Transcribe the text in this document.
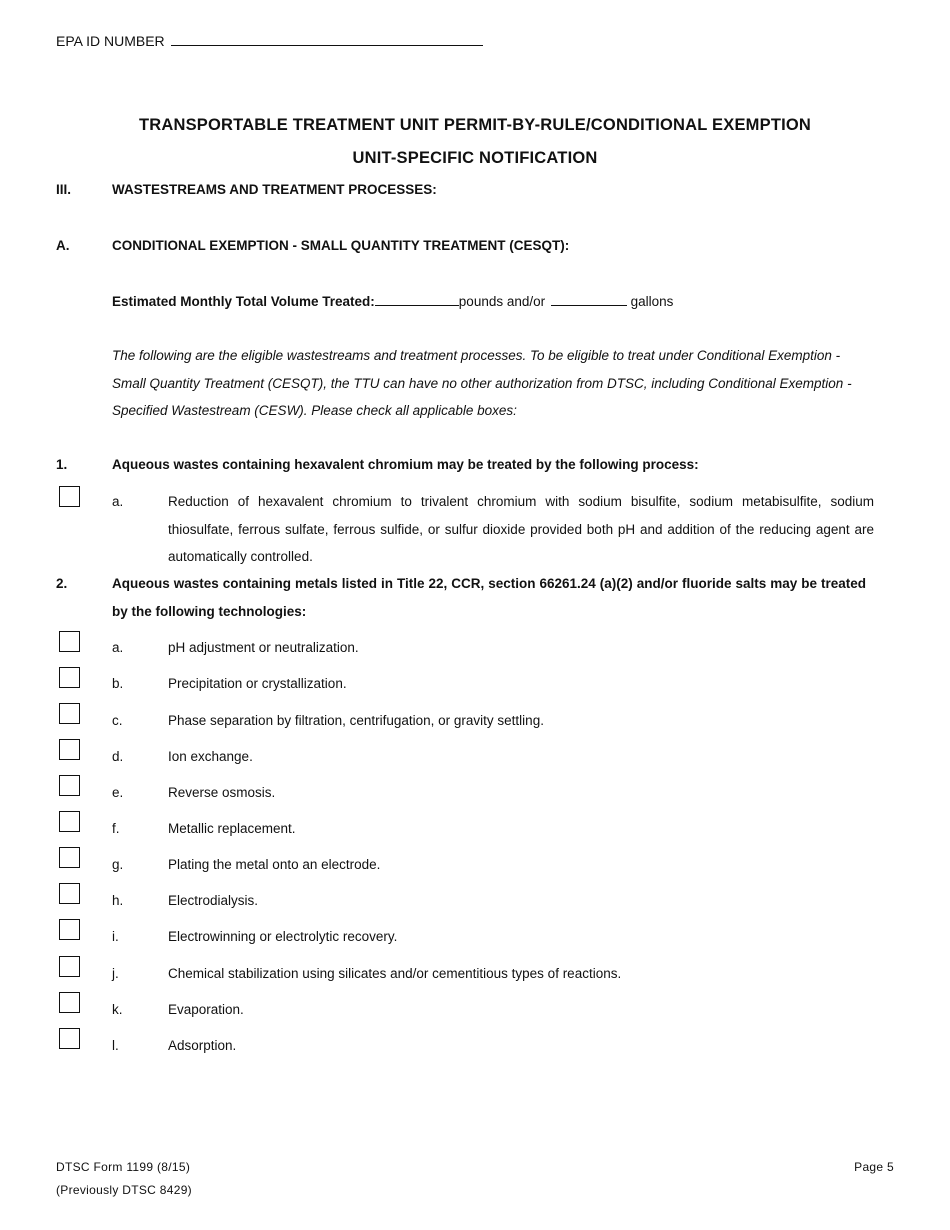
EPA ID NUMBER
TRANSPORTABLE TREATMENT UNIT PERMIT-BY-RULE/CONDITIONAL EXEMPTION
UNIT-SPECIFIC NOTIFICATION
III.	WASTESTREAMS AND TREATMENT PROCESSES:
A.	CONDITIONAL EXEMPTION - SMALL QUANTITY TREATMENT (CESQT):
Estimated Monthly Total Volume Treated:	pounds and/or	gallons
The following are the eligible wastestreams and treatment processes. To be eligible to treat under Conditional Exemption - Small Quantity Treatment (CESQT), the TTU can have no other authorization from DTSC, including Conditional Exemption - Specified Wastestream (CESW). Please check all applicable boxes:
1.	Aqueous wastes containing hexavalent chromium may be treated by the following process:
a.	Reduction of hexavalent chromium to trivalent chromium with sodium bisulfite, sodium metabisulfite, sodium thiosulfate, ferrous sulfate, ferrous sulfide, or sulfur dioxide provided both pH and addition of the reducing agent are automatically controlled.
2.	Aqueous wastes containing metals listed in Title 22, CCR, section 66261.24 (a)(2) and/or fluoride salts may be treated by the following technologies:
a.	pH adjustment or neutralization.
b.	Precipitation or crystallization.
c.	Phase separation by filtration, centrifugation, or gravity settling.
d.	Ion exchange.
e.	Reverse osmosis.
f.	Metallic replacement.
g.	Plating the metal onto an electrode.
h.	Electrodialysis.
i.	Electrowinning or electrolytic recovery.
j.	Chemical stabilization using silicates and/or cementitious types of reactions.
k.	Evaporation.
l.	Adsorption.
DTSC Form 1199 (8/15)
(Previously DTSC 8429)
Page 5
